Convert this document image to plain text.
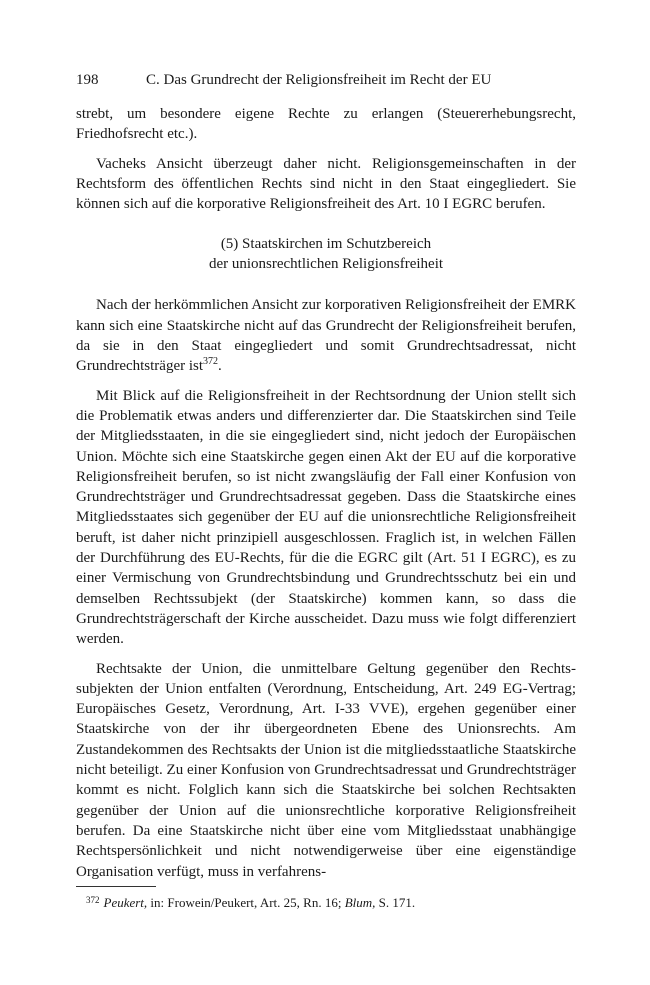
198	C. Das Grundrecht der Religionsfreiheit im Recht der EU

strebt, um besondere eigene Rechte zu erlangen (Steuererhebungsrecht, Friedhofsrecht etc.).

Vacheks Ansicht überzeugt daher nicht. Religionsgemeinschaften in der Rechtsform des öffentlichen Rechts sind nicht in den Staat eingegliedert. Sie können sich auf die korporative Religionsfreiheit des Art. 10 I EGRC berufen.

(5) Staatskirchen im Schutzbereich
der unionsrechtlichen Religionsfreiheit

Nach der herkömmlichen Ansicht zur korporativen Religionsfreiheit der EMRK kann sich eine Staatskirche nicht auf das Grundrecht der Religionsfreiheit berufen, da sie in den Staat eingegliedert und somit Grundrechtsadressat, nicht Grundrechtsträger ist$^{372}$.

Mit Blick auf die Religionsfreiheit in der Rechtsordnung der Union stellt sich die Problematik etwas anders und differenzierter dar. Die Staatskirchen sind Teile der Mitgliedsstaaten, in die sie eingegliedert sind, nicht jedoch der Europäischen Union. Möchte sich eine Staatskirche gegen einen Akt der EU auf die korporative Religionsfreiheit berufen, so ist nicht zwangsläufig der Fall einer Konfusion von Grundrechtsträger und Grundrechtsadressat gegeben. Dass die Staatskirche eines Mitgliedsstaates sich gegenüber der EU auf die unionsrechtliche Religionsfreiheit beruft, ist daher nicht prinzipiell ausgeschlossen. Fraglich ist, in welchen Fällen der Durchführung des EU-Rechts, für die die EGRC gilt (Art. 51 I EGRC), es zu einer Vermischung von Grundrechtsbindung und Grundrechtsschutz bei ein und demselben Rechtssubjekt (der Staatskirche) kommen kann, so dass die Grundrechtsträgerschaft der Kirche ausscheidet. Dazu muss wie folgt differenziert werden.

Rechtsakte der Union, die unmittelbare Geltung gegenüber den Rechtssubjekten der Union entfalten (Verordnung, Entscheidung, Art. 249 EG-Vertrag; Europäisches Gesetz, Verordnung, Art. I-33 VVE), ergehen gegenüber einer Staatskirche von der ihr übergeordneten Ebene des Unionsrechts. Am Zustandekommen des Rechtsakts der Union ist die mitgliedsstaatliche Staatskirche nicht beteiligt. Zu einer Konfusion von Grundrechtsadressat und Grundrechtsträger kommt es nicht. Folglich kann sich die Staatskirche bei solchen Rechtsakten gegenüber der Union auf die unionsrechtliche korporative Religionsfreiheit berufen. Da eine Staatskirche nicht über eine vom Mitgliedsstaat unabhängige Rechtspersönlichkeit und nicht notwendigerweise über eine eigenständige Organisation verfügt, muss in verfahrens-

$^{372}$ Peukert, in: Frowein/Peukert, Art. 25, Rn. 16; Blum, S. 171.
